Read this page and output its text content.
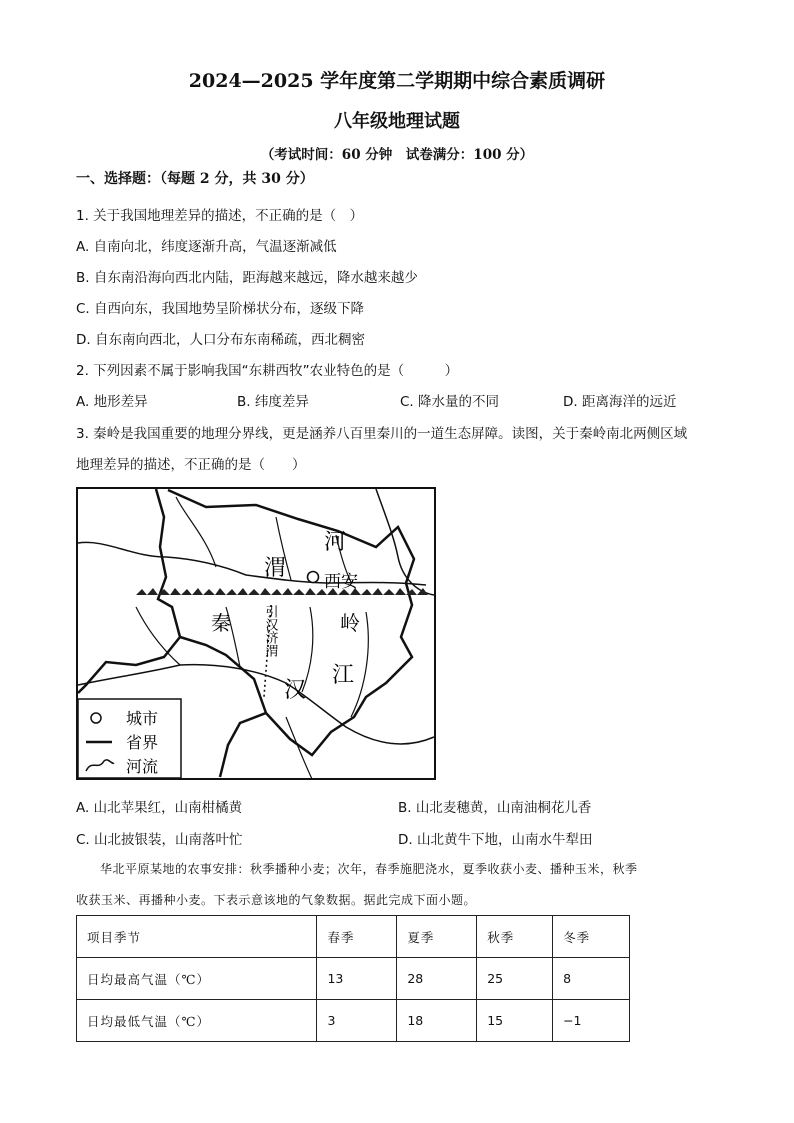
2024—2025 学年度第二学期期中综合素质调研
八年级地理试题
（考试时间：60 分钟　试卷满分：100 分）
一、选择题：（每题 2 分，共 30 分）
1. 关于我国地理差异的描述，不正确的是（　）
A. 自南向北，纬度逐渐升高，气温逐渐减低
B. 自东南沿海向西北内陆，距海越来越远，降水越来越少
C. 自西向东，我国地势呈阶梯状分布，逐级下降
D. 自东南向西北，人口分布东南稀疏，西北稠密
2. 下列因素不属于影响我国“东耕西牧”农业特色的是（　　　）
A. 地形差异	B. 纬度差异	C. 降水量的不同	D. 距离海洋的远近
3. 秦岭是我国重要的地理分界线，更是涵养八百里秦川的一道生态屏障。读图，关于秦岭南北两侧区域
地理差异的描述，不正确的是（　　）
渭
河
西安
秦	岭
汉
江
引汉济渭
城市
省界
河流
A. 山北苹果红，山南柑橘黄	B. 山北麦穗黄，山南油桐花儿香
C. 山北披银装，山南落叶忙	D. 山北黄牛下地，山南水牛犁田
华北平原某地的农事安排：秋季播种小麦；次年，春季施肥浇水，夏季收获小麦、播种玉米，秋季
收获玉米、再播种小麦。下表示意该地的气象数据。据此完成下面小题。
项目季节	春季	夏季	秋季	冬季
日均最高气温（℃）	13	28	25	8
日均最低气温（℃）	3	18	15	−1
